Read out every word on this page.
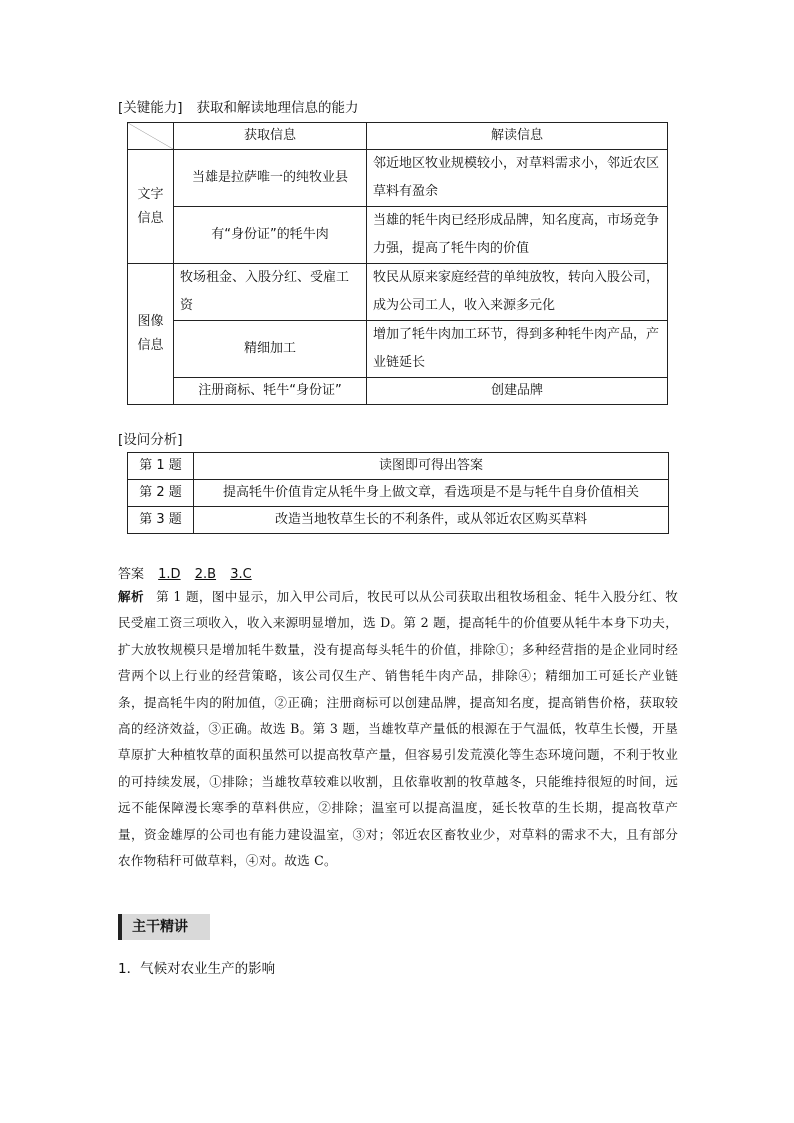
[关键能力] 获取和解读地理信息的能力
	获取信息	解读信息
文字信息	当雄是拉萨唯一的纯牧业县	邻近地区牧业规模较小，对草料需求小，邻近农区草料有盈余
	有“身份证”的牦牛肉	当雄的牦牛肉已经形成品牌，知名度高，市场竞争力强，提高了牦牛肉的价值
图像信息	牧场租金、入股分红、受雇工资	牧民从原来家庭经营的单纯放牧，转向入股公司，成为公司工人，收入来源多元化
	精细加工	增加了牦牛肉加工环节，得到多种牦牛肉产品，产业链延长
	注册商标、牦牛“身份证”	创建品牌
[设问分析]
第 1 题	读图即可得出答案
第 2 题	提高牦牛价值肯定从牦牛身上做文章，看选项是不是与牦牛自身价值相关
第 3 题	改造当地牧草生长的不利条件，或从邻近农区购买草料
答案 1.D 2.B 3.C
解析 第 1 题，图中显示，加入甲公司后，牧民可以从公司获取出租牧场租金、牦牛入股分红、牧民受雇工资三项收入，收入来源明显增加，选 D。第 2 题，提高牦牛的价值要从牦牛本身下功夫，扩大放牧规模只是增加牦牛数量，没有提高每头牦牛的价值，排除①；多种经营指的是企业同时经营两个以上行业的经营策略，该公司仅生产、销售牦牛肉产品，排除④；精细加工可延长产业链条，提高牦牛肉的附加值，②正确；注册商标可以创建品牌，提高知名度，提高销售价格，获取较高的经济效益，③正确。故选 B。第 3 题，当雄牧草产量低的根源在于气温低，牧草生长慢，开垦草原扩大种植牧草的面积虽然可以提高牧草产量，但容易引发荒漠化等生态环境问题，不利于牧业的可持续发展，①排除；当雄牧草较难以收割，且依靠收割的牧草越冬，只能维持很短的时间，远远不能保障漫长寒季的草料供应，②排除；温室可以提高温度，延长牧草的生长期，提高牧草产量，资金雄厚的公司也有能力建设温室，③对；邻近农区畜牧业少，对草料的需求不大，且有部分农作物秸秆可做草料，④对。故选 C。
主干精讲
1．气候对农业生产的影响
